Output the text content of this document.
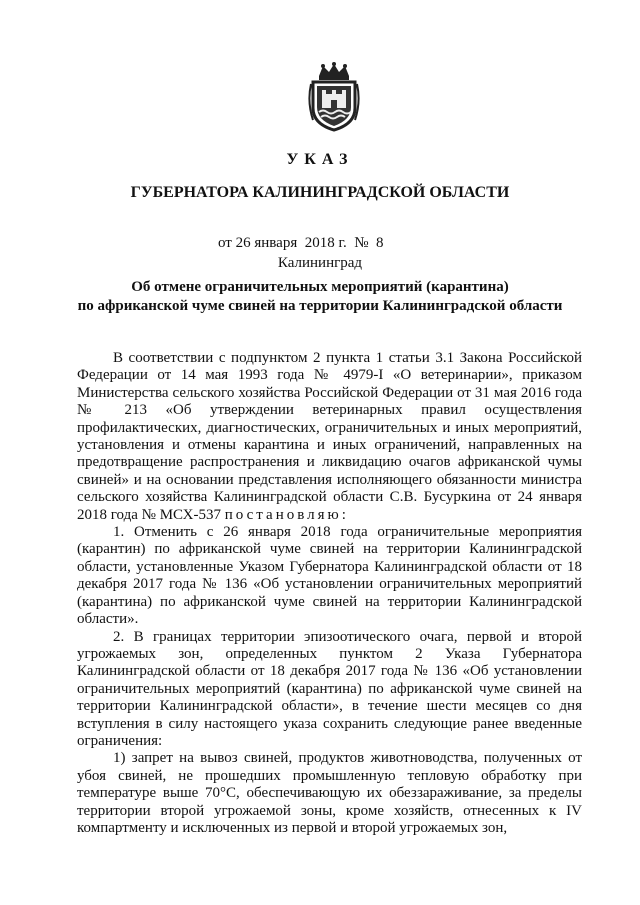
УКАЗ
ГУБЕРНАТОРА КАЛИНИНГРАДСКОЙ ОБЛАСТИ
от 26 января 2018 г. № 8
Калининград
Об отмене ограничительных мероприятий (карантина)
по африканской чуме свиней на территории Калининградской области

В соответствии с подпунктом 2 пункта 1 статьи 3.1 Закона Российской Федерации от 14 мая 1993 года № 4979-I «О ветеринарии», приказом Министерства сельского хозяйства Российской Федерации от 31 мая 2016 года № 213 «Об утверждении ветеринарных правил осуществления профилактических, диагностических, ограничительных и иных мероприятий, установления и отмены карантина и иных ограничений, направленных на предотвращение распространения и ликвидацию очагов африканской чумы свиней» и на основании представления исполняющего обязанности министра сельского хозяйства Калининградской области С.В. Бусуркина от 24 января 2018 года № МСХ-537 постановляю:

1. Отменить с 26 января 2018 года ограничительные мероприятия (карантин) по африканской чуме свиней на территории Калининградской области, установленные Указом Губернатора Калининградской области от 18 декабря 2017 года № 136 «Об установлении ограничительных мероприятий (карантина) по африканской чуме свиней на территории Калининградской области».

2. В границах территории эпизоотического очага, первой и второй угрожаемых зон, определенных пунктом 2 Указа Губернатора Калининградской области от 18 декабря 2017 года № 136 «Об установлении ограничительных мероприятий (карантина) по африканской чуме свиней на территории Калининградской области», в течение шести месяцев со дня вступления в силу настоящего указа сохранить следующие ранее введенные ограничения:

1) запрет на вывоз свиней, продуктов животноводства, полученных от убоя свиней, не прошедших промышленную тепловую обработку при температуре выше 70°С, обеспечивающую их обеззараживание, за пределы территории второй угрожаемой зоны, кроме хозяйств, отнесенных к IV компартменту и исключенных из первой и второй угрожаемых зон,
